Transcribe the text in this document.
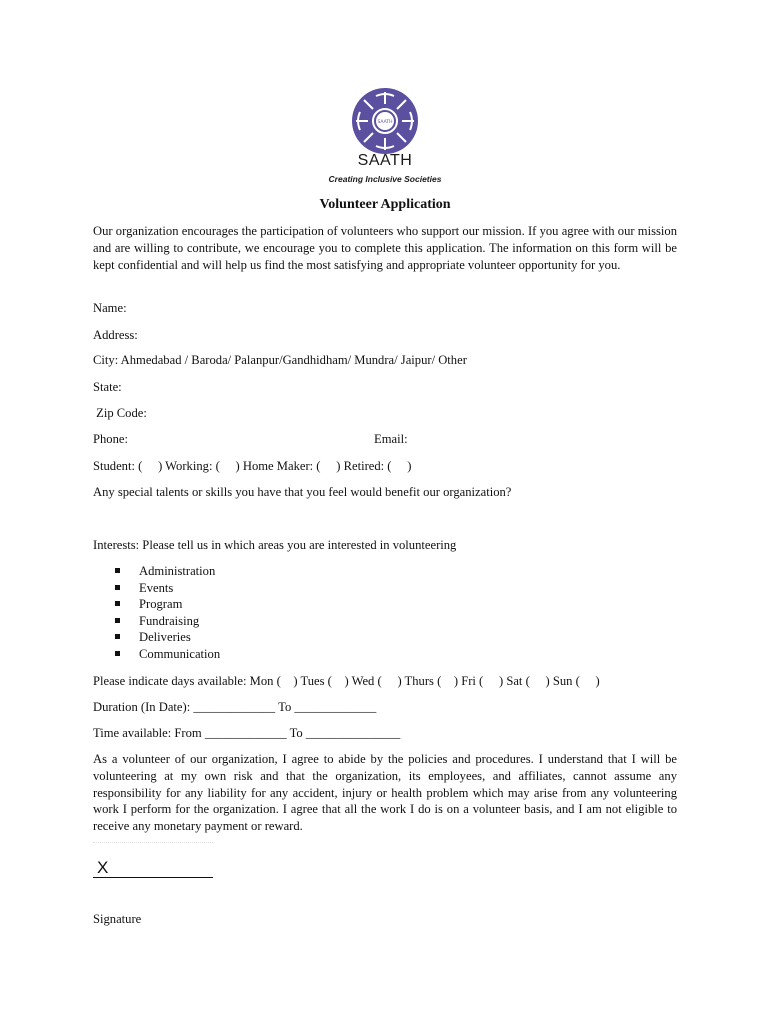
SAATH
SAATH
Creating Inclusive Societies
Volunteer Application
Our organization encourages the participation of volunteers who support our mission. If you agree with our mission and are willing to contribute, we encourage you to complete this application. The information on this form will be kept confidential and will help us find the most satisfying and appropriate volunteer opportunity for you.
Name:
Address:
City: Ahmedabad / Baroda/ Palanpur/Gandhidham/ Mundra/ Jaipur/ Other
State:
Zip Code:
Phone:	Email:
Student: (     ) Working: (     ) Home Maker: (     ) Retired: (     )
Any special talents or skills you have that you feel would benefit our organization?
Interests: Please tell us in which areas you are interested in volunteering
Administration
Events
Program
Fundraising
Deliveries
Communication
Please indicate days available: Mon (    ) Tues (    ) Wed (     ) Thurs (    ) Fri (     ) Sat (     ) Sun (     )
Duration (In Date): _____________ To _____________
Time available: From _____________ To _______________
As a volunteer of our organization, I agree to abide by the policies and procedures. I understand that I will be volunteering at my own risk and that the organization, its employees, and affiliates, cannot assume any responsibility for any liability for any accident, injury or health problem which may arise from any volunteering work I perform for the organization. I agree that all the work I do is on a volunteer basis, and I am not eligible to receive any monetary payment or reward.
X
Signature
